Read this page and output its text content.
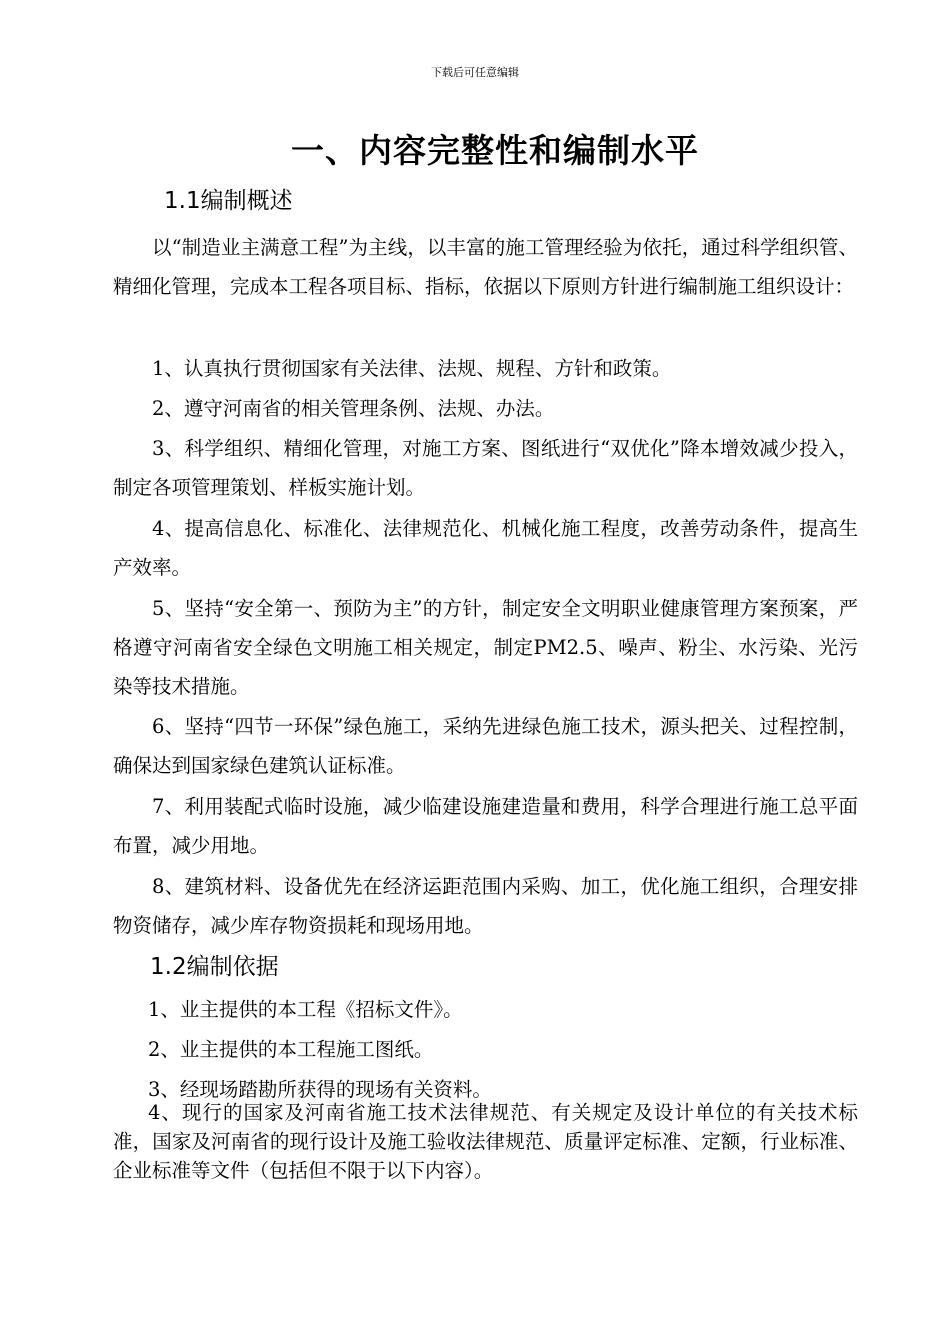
下载后可任意编辑
一、内容完整性和编制水平
1.1编制概述

以“制造业主满意工程”为主线，以丰富的施工管理经验为依托，通过科学组织管、精细化管理，完成本工程各项目标、指标，依据以下原则方针进行编制施工组织设计：

1、认真执行贯彻国家有关法律、法规、规程、方针和政策。

2、遵守河南省的相关管理条例、法规、办法。

3、科学组织、精细化管理，对施工方案、图纸进行“双优化”降本增效减少投入，制定各项管理策划、样板实施计划。

4、提高信息化、标准化、法律规范化、机械化施工程度，改善劳动条件，提高生产效率。

5、坚持“安全第一、预防为主”的方针，制定安全文明职业健康管理方案预案，严格遵守河南省安全绿色文明施工相关规定，制定PM2.5、噪声、粉尘、水污染、光污染等技术措施。

6、坚持“四节一环保”绿色施工，采纳先进绿色施工技术，源头把关、过程控制，确保达到国家绿色建筑认证标准。

7、利用装配式临时设施，减少临建设施建造量和费用，科学合理进行施工总平面布置，减少用地。

8、建筑材料、设备优先在经济运距范围内采购、加工，优化施工组织，合理安排物资储存，减少库存物资损耗和现场用地。

1.2编制依据

1、业主提供的本工程《招标文件》。

2、业主提供的本工程施工图纸。

3、经现场踏勘所获得的现场有关资料。

4、现行的国家及河南省施工技术法律规范、有关规定及设计单位的有关技术标准，国家及河南省的现行设计及施工验收法律规范、质量评定标准、定额，行业标准、企业标准等文件（包括但不限于以下内容）。
